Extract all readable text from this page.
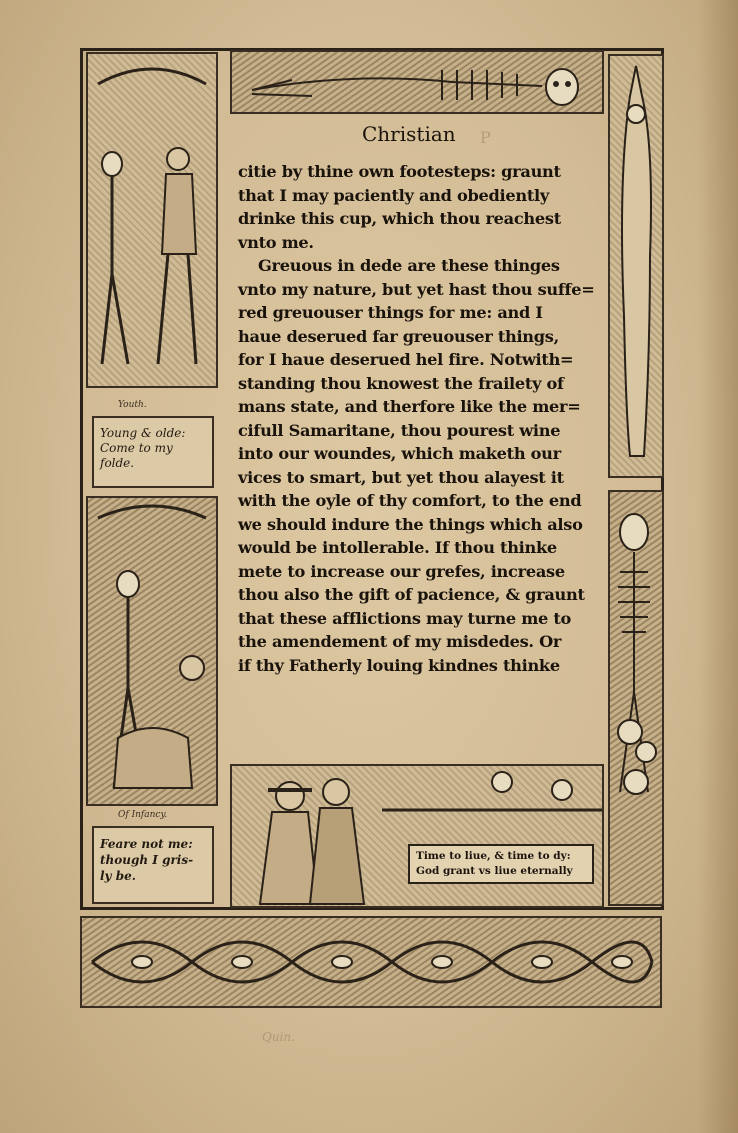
Christian P
Youth.
Young & olde:
Come to my
folde.
Of Infancy.
Feare not me:
though I gris-
ly be.
citie by thine own footesteps: graunt
that I may paciently and obediently
drinke this cup, which thou reachest
vnto me.
Greuous in dede are these thinges
vnto my nature, but yet hast thou suffe=
red greuouser things for me: and I
haue deserued far greuouser things,
for I haue deserued hel fire. Notwith=
standing thou knowest the frailety of
mans state, and therfore like the mer=
cifull Samaritane, thou pourest wine
into our woundes, which maketh our
vices to smart, but yet thou alayest it
with the oyle of thy comfort, to the end
we should indure the things which also
would be intollerable. If thou thinke
mete to increase our grefes, increase
thou also the gift of pacience, & graunt
that these afflictions may turne me to
the amendement of my misdedes. Or
if thy Fatherly louing kindnes thinke
Time to liue, & time to dy:
God grant vs liue eternally
Quin.
